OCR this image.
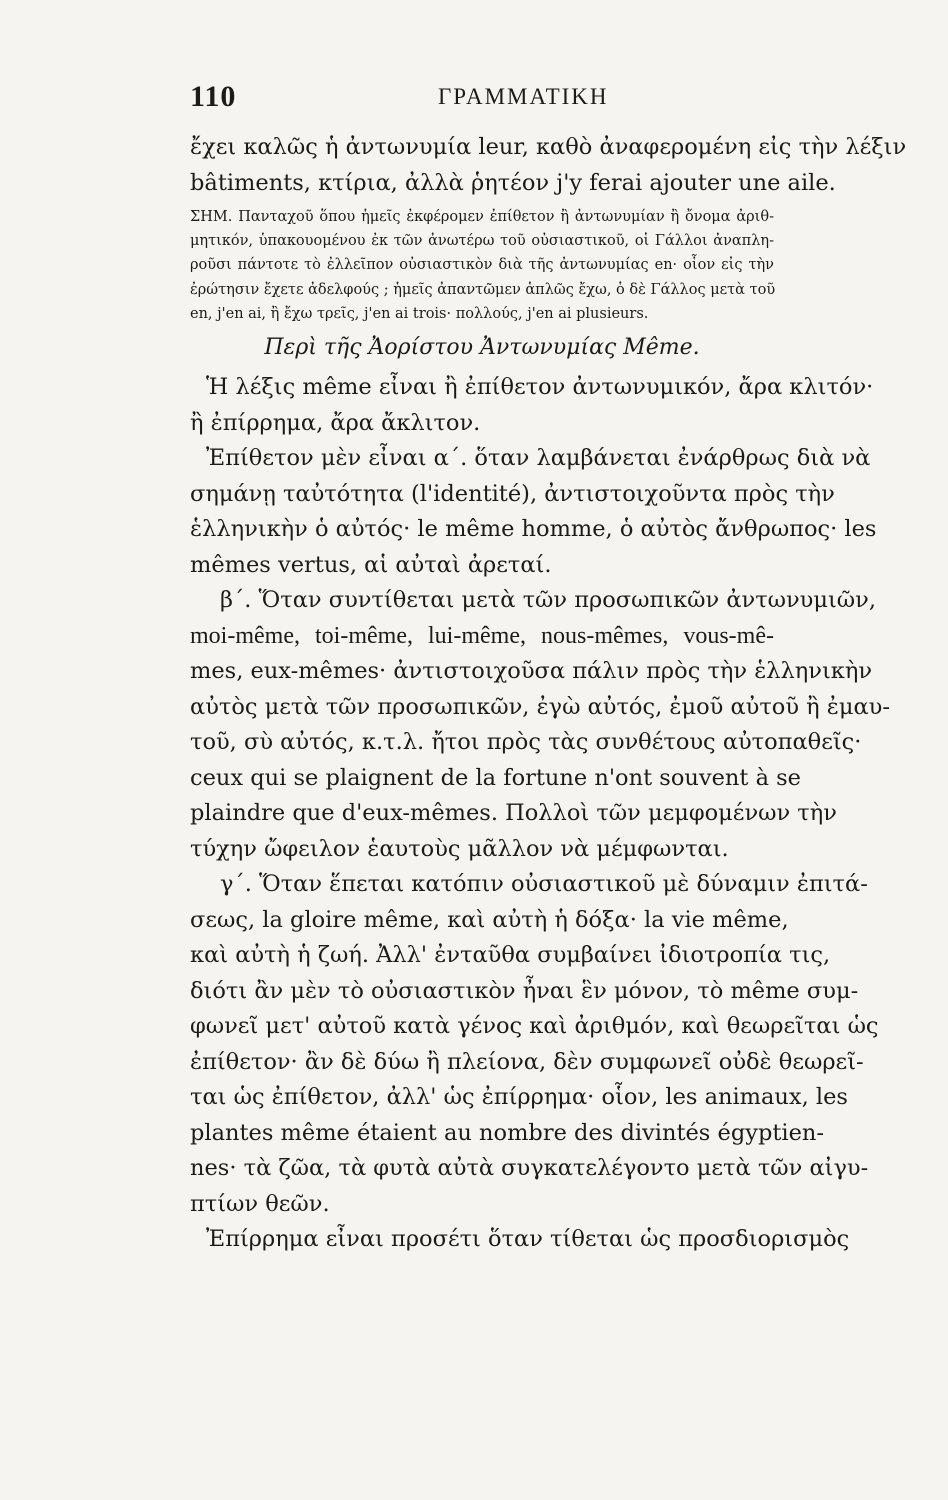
110	ΓΡΑΜΜΑΤΙΚΗ
ἔχει καλῶς ἡ ἀντωνυμία leur, καθὸ ἀναφερομένη εἰς τὴν λέξιν
bâtiments, κτίρια, ἀλλὰ ῥητέον j'y ferai ajouter une aile.
ΣΗΜ. Πανταχοῦ ὅπου ἡμεῖς ἐκφέρομεν ἐπίθετον ἢ ἀντωνυμίαν ἢ ὄνομα ἀριθ-
μητικόν, ὑπακουομένου ἐκ τῶν ἀνωτέρω τοῦ οὐσιαστικοῦ, οἱ Γάλλοι ἀναπλη-
ροῦσι πάντοτε τὸ ἐλλεῖπον οὐσιαστικὸν διὰ τῆς ἀντωνυμίας en· οἷον εἰς τὴν
ἐρώτησιν ἔχετε ἀδελφούς ; ἡμεῖς ἀπαντῶμεν ἁπλῶς ἔχω, ὁ δὲ Γάλλος μετὰ τοῦ
en, j'en ai, ἢ ἔχω τρεῖς, j'en ai trois· πολλούς, j'en ai plusieurs.
Περὶ τῆς Ἀορίστου Ἀντωνυμίας Même.
Ἡ λέξις même εἶναι ἢ ἐπίθετον ἀντωνυμικόν, ἄρα κλιτόν·
ἢ ἐπίρρημα, ἄρα ἄκλιτον.
Ἐπίθετον μὲν εἶναι α΄. ὅταν λαμβάνεται ἐνάρθρως διὰ νὰ
σημάνῃ ταὐτότητα (l'identité), ἀντιστοιχοῦντα πρὸς τὴν
ἑλληνικὴν ὁ αὐτός· le même homme, ὁ αὐτὸς ἄνθρωπος· les
mêmes vertus, αἱ αὐταὶ ἀρεταί.
β΄. Ὅταν συντίθεται μετὰ τῶν προσωπικῶν ἀντωνυμιῶν,
moi-même, toi-même, lui-même, nous-mêmes, vous-mê-
mes, eux-mêmes· ἀντιστοιχοῦσα πάλιν πρὸς τὴν ἑλληνικὴν
αὐτὸς μετὰ τῶν προσωπικῶν, ἐγὼ αὐτός, ἐμοῦ αὐτοῦ ἢ ἐμαυ-
τοῦ, σὺ αὐτός, κ.τ.λ. ἤτοι πρὸς τὰς συνθέτους αὐτοπαθεῖς·
ceux qui se plaignent de la fortune n'ont souvent à se
plaindre que d'eux-mêmes. Πολλοὶ τῶν μεμφομένων τὴν
τύχην ὤφειλον ἑαυτοὺς μᾶλλον νὰ μέμφωνται.
γ΄. Ὅταν ἕπεται κατόπιν οὐσιαστικοῦ μὲ δύναμιν ἐπιτά-
σεως, la gloire même, καὶ αὐτὴ ἡ δόξα· la vie même,
καὶ αὐτὴ ἡ ζωή. Ἀλλ' ἐνταῦθα συμβαίνει ἰδιοτροπία τις,
διότι ἂν μὲν τὸ οὐσιαστικὸν ἦναι ἓν μόνον, τὸ même συμ-
φωνεῖ μετ' αὐτοῦ κατὰ γένος καὶ ἀριθμόν, καὶ θεωρεῖται ὡς
ἐπίθετον· ἂν δὲ δύω ἢ πλείονα, δὲν συμφωνεῖ οὐδὲ θεωρεῖ-
ται ὡς ἐπίθετον, ἀλλ' ὡς ἐπίρρημα· οἷον, les animaux, les
plantes même étaient au nombre des divintés égyptien-
nes· τὰ ζῶα, τὰ φυτὰ αὐτὰ συγκατελέγοντο μετὰ τῶν αἰγυ-
πτίων θεῶν.
Ἐπίρρημα εἶναι προσέτι ὅταν τίθεται ὡς προσδιορισμὸς
